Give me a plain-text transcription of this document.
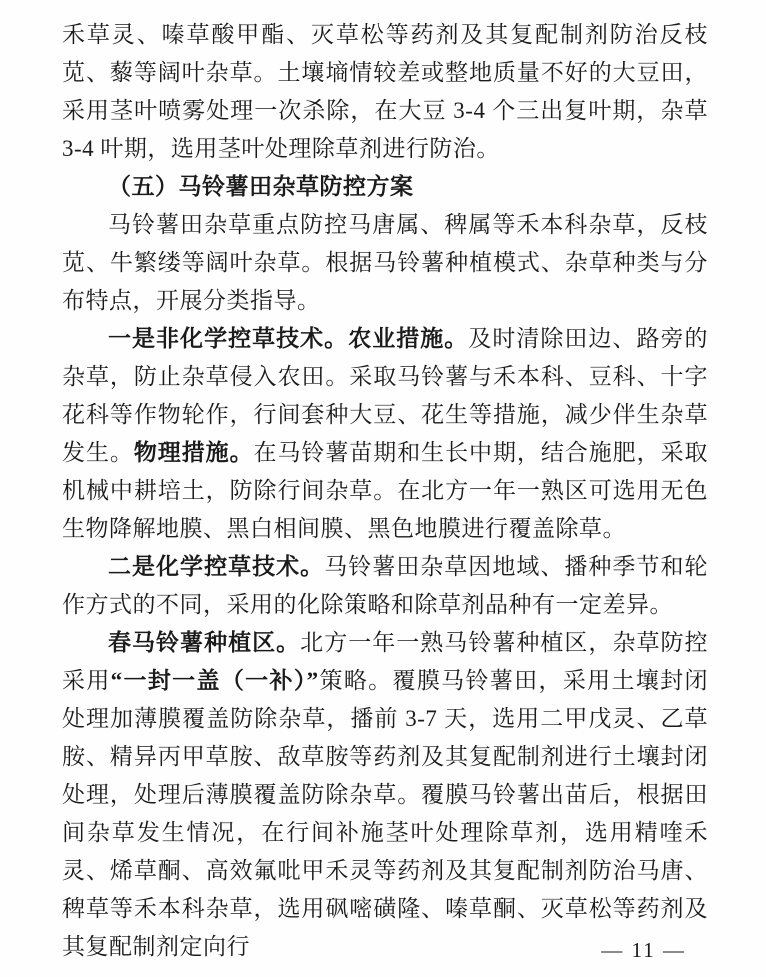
禾草灵、嗪草酸甲酯、灭草松等药剂及其复配制剂防治反枝苋、藜等阔叶杂草。土壤墒情较差或整地质量不好的大豆田，采用茎叶喷雾处理一次杀除，在大豆 3-4 个三出复叶期，杂草 3-4 叶期，选用茎叶处理除草剂进行防治。

（五）马铃薯田杂草防控方案

马铃薯田杂草重点防控马唐属、稗属等禾本科杂草，反枝苋、牛繁缕等阔叶杂草。根据马铃薯种植模式、杂草种类与分布特点，开展分类指导。

一是非化学控草技术。农业措施。及时清除田边、路旁的杂草，防止杂草侵入农田。采取马铃薯与禾本科、豆科、十字花科等作物轮作，行间套种大豆、花生等措施，减少伴生杂草发生。物理措施。在马铃薯苗期和生长中期，结合施肥，采取机械中耕培土，防除行间杂草。在北方一年一熟区可选用无色生物降解地膜、黑白相间膜、黑色地膜进行覆盖除草。

二是化学控草技术。马铃薯田杂草因地域、播种季节和轮作方式的不同，采用的化除策略和除草剂品种有一定差异。

春马铃薯种植区。北方一年一熟马铃薯种植区，杂草防控采用“一封一盖（一补）”策略。覆膜马铃薯田，采用土壤封闭处理加薄膜覆盖防除杂草，播前 3-7 天，选用二甲戊灵、乙草胺、精异丙甲草胺、敌草胺等药剂及其复配制剂进行土壤封闭处理，处理后薄膜覆盖防除杂草。覆膜马铃薯出苗后，根据田间杂草发生情况，在行间补施茎叶处理除草剂，选用精喹禾灵、烯草酮、高效氟吡甲禾灵等药剂及其复配制剂防治马唐、稗草等禾本科杂草，选用砜嘧磺隆、嗪草酮、灭草松等药剂及其复配制剂定向行	— 11 —
